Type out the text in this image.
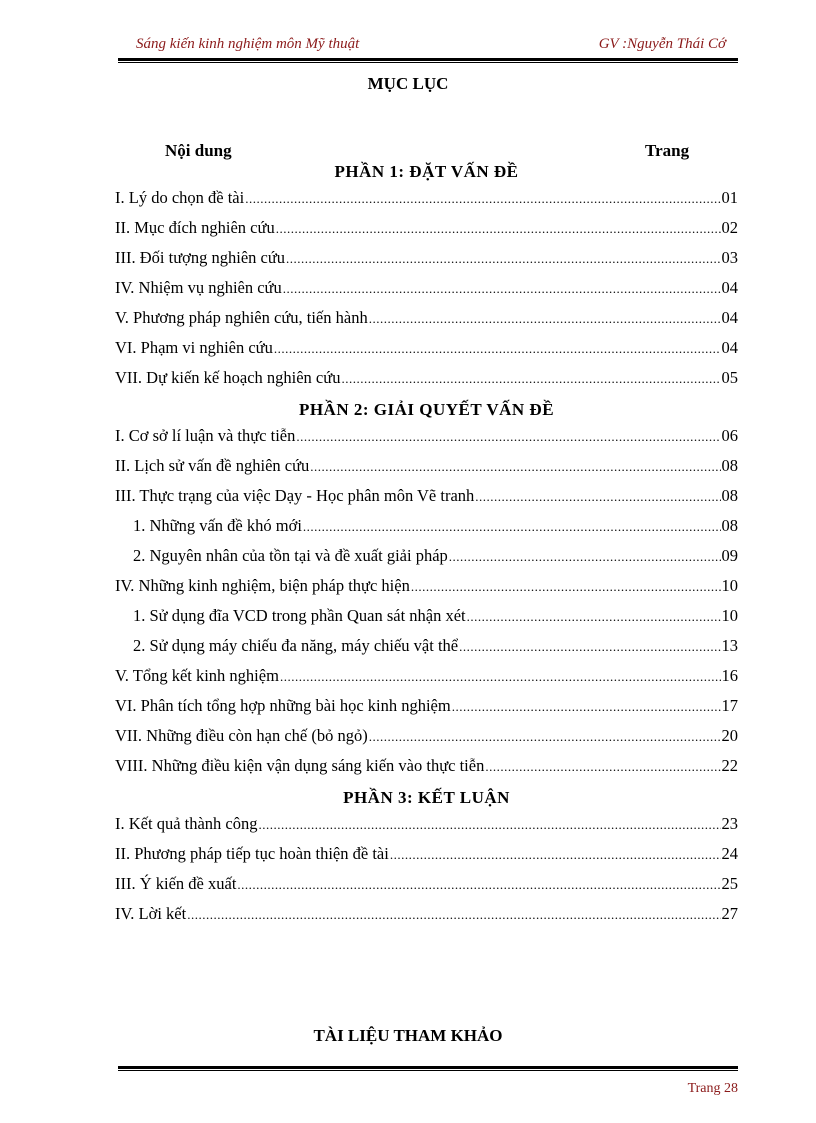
Sáng kiến kinh nghiệm môn Mỹ thuật	GV :Nguyễn Thái Cớ
MỤC LỤC
Nội dung	Trang
PHẦN 1: ĐẶT VẤN ĐỀ
I. Lý do chọn đề tài .....	01
II. Mục đích nghiên cứu .....	02
III. Đối tượng nghiên cứu .....	03
IV. Nhiệm vụ nghiên cứu .....	04
V. Phương pháp nghiên cứu, tiến hành .....	04
VI. Phạm vi nghiên cứu .....	04
VII. Dự kiến kế hoạch nghiên cứu .....	05
PHẦN 2: GIẢI QUYẾT VẤN ĐỀ
I. Cơ sở lí luận và thực tiễn .....	06
II. Lịch sử vấn đề nghiên cứu .....	08
III. Thực trạng của việc Dạy - Học phân môn Vẽ tranh .....	08
1. Những vấn đề khó mới .....	08
2. Nguyên nhân của tồn tại và đề xuất giải pháp .....	09
IV. Những kinh nghiệm, biện pháp thực hiện .....	10
1. Sử dụng đĩa VCD trong phần Quan sát nhận xét .....	10
2. Sử dụng máy chiếu đa năng, máy chiếu vật thể .....	13
V. Tổng kết kinh nghiệm .....	16
VI. Phân tích tổng hợp những bài học kinh nghiệm .....	17
VII. Những điều còn hạn chế (bỏ ngỏ) .....	20
VIII. Những điều kiện vận dụng sáng kiến vào thực tiễn .....	22
PHẦN 3: KẾT LUẬN
I. Kết quả thành công .....	23
II. Phương pháp tiếp tục hoàn thiện đề tài .....	24
III. Ý kiến đề xuất .....	25
IV. Lời kết .....	27
TÀI LIỆU THAM KHẢO
Trang 28
